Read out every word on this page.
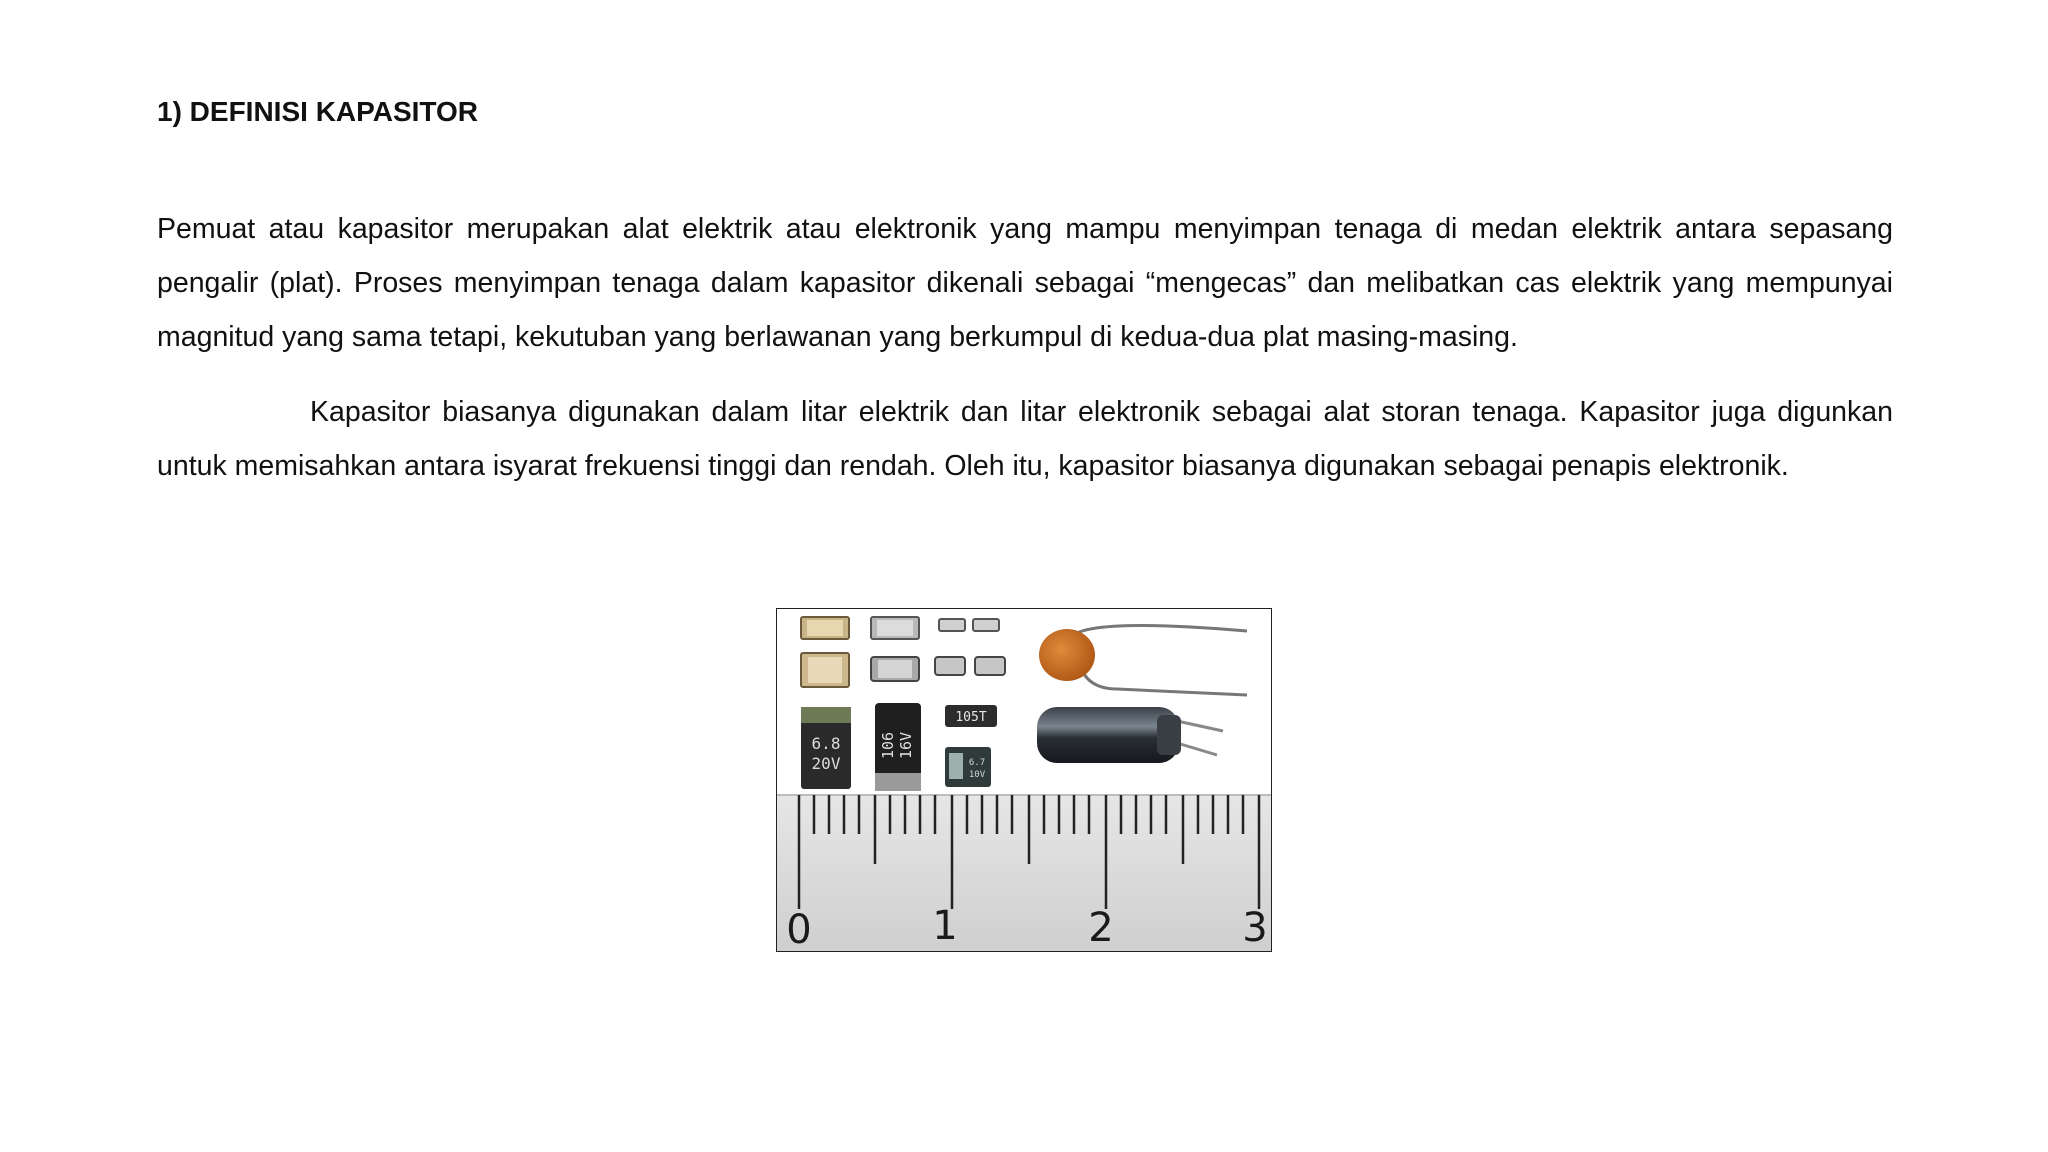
1) DEFINISI KAPASITOR

Pemuat atau kapasitor merupakan alat elektrik atau elektronik yang mampu menyimpan tenaga di medan elektrik antara sepasang pengalir (plat). Proses menyimpan tenaga dalam kapasitor dikenali sebagai “mengecas” dan melibatkan cas elektrik yang mempunyai magnitud yang sama tetapi, kekutuban yang berlawanan yang berkumpul di kedua-dua plat masing-masing.

Kapasitor biasanya digunakan dalam litar elektrik dan litar elektronik sebagai alat storan tenaga. Kapasitor juga digunkan untuk memisahkan antara isyarat frekuensi tinggi dan rendah. Oleh itu, kapasitor biasanya digunakan sebagai penapis elektronik.

6.8
20V
106 16V
105T
6.7
10V
0	1	2	3
